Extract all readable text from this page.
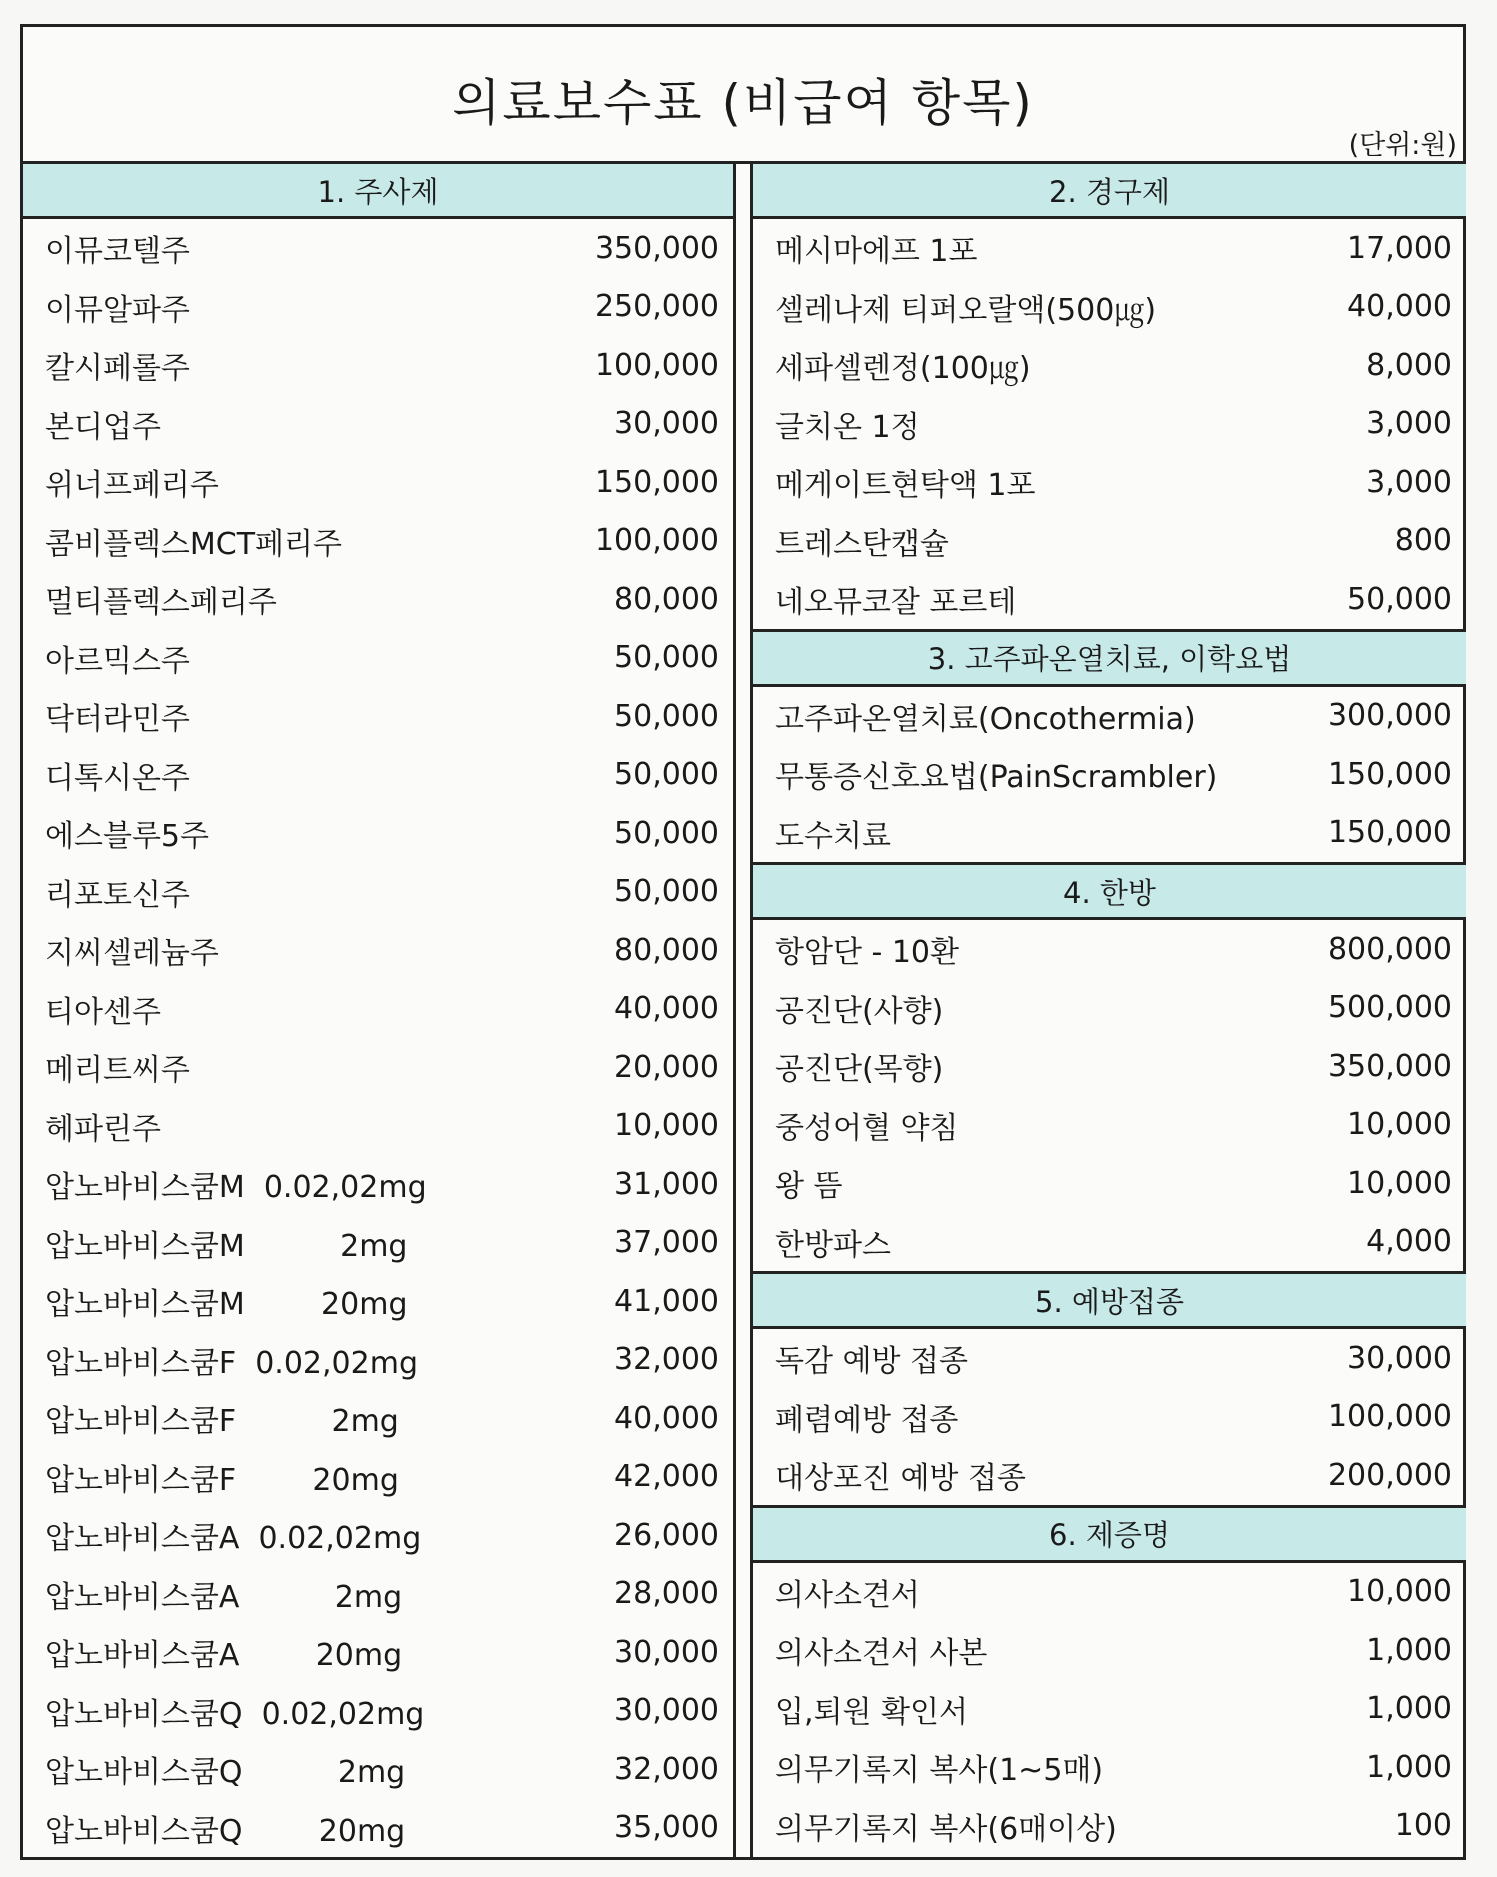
의료보수표 (비급여 항목)
(단위:원)
1. 주사제
이뮤코텔주	350,000
이뮤알파주	250,000
칼시페롤주	100,000
본디업주	30,000
위너프페리주	150,000
콤비플렉스MCT페리주	100,000
멀티플렉스페리주	80,000
아르믹스주	50,000
닥터라민주	50,000
디톡시온주	50,000
에스블루5주	50,000
리포토신주	50,000
지씨셀레늄주	80,000
티아센주	40,000
메리트씨주	20,000
헤파린주	10,000
압노바비스쿰M  0.02,02mg	31,000
압노바비스쿰M          2mg	37,000
압노바비스쿰M        20mg	41,000
압노바비스쿰F  0.02,02mg	32,000
압노바비스쿰F          2mg	40,000
압노바비스쿰F        20mg	42,000
압노바비스쿰A  0.02,02mg	26,000
압노바비스쿰A          2mg	28,000
압노바비스쿰A        20mg	30,000
압노바비스쿰Q  0.02,02mg	30,000
압노바비스쿰Q          2mg	32,000
압노바비스쿰Q        20mg	35,000
2. 경구제
메시마에프 1포	17,000
셀레나제 티퍼오랄액(500㎍)	40,000
세파셀렌정(100㎍)	8,000
글치온 1정	3,000
메게이트현탁액 1포	3,000
트레스탄캡슐	800
네오뮤코잘 포르테	50,000
3. 고주파온열치료, 이학요법
고주파온열치료(Oncothermia)	300,000
무통증신호요법(PainScrambler)	150,000
도수치료	150,000
4. 한방
항암단 - 10환	800,000
공진단(사향)	500,000
공진단(목향)	350,000
중성어혈 약침	10,000
왕 뜸	10,000
한방파스	4,000
5. 예방접종
독감 예방 접종	30,000
폐렴예방 접종	100,000
대상포진 예방 접종	200,000
6. 제증명
의사소견서	10,000
의사소견서 사본	1,000
입,퇴원 확인서	1,000
의무기록지 복사(1~5매)	1,000
의무기록지 복사(6매이상)	100
